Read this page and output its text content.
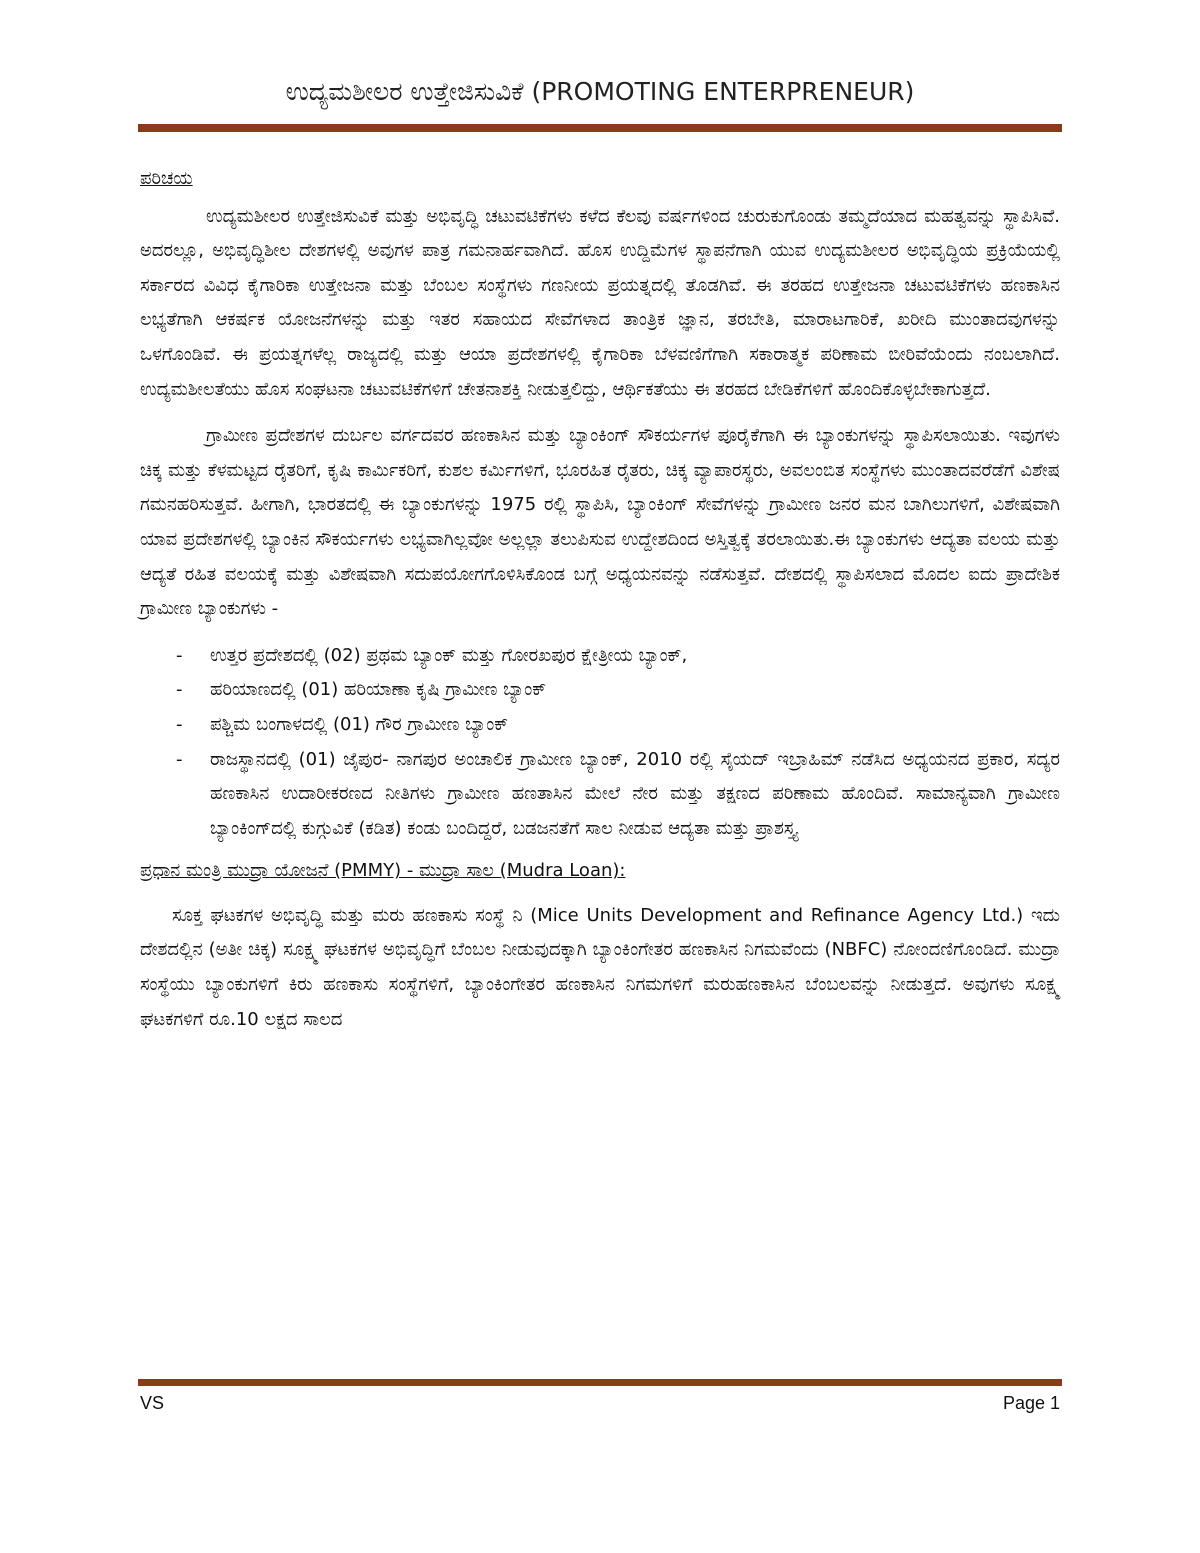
ಉದ್ಯಮಶೀಲರ ಉತ್ತೇಜಿಸುವಿಕೆ (PROMOTING ENTERPRENEUR)
ಪರಿಚಯ

ಉದ್ಯಮಶೀಲರ ಉತ್ತೇಜಿಸುವಿಕೆ ಮತ್ತು ಅಭಿವೃದ್ಧಿ ಚಟುವಟಿಕೆಗಳು ಕಳೆದ ಕೆಲವು ವರ್ಷಗಳಿಂದ ಚುರುಕುಗೊಂಡು ತಮ್ಮದೆಯಾದ ಮಹತ್ವವನ್ನು ಸ್ಥಾಪಿಸಿವೆ. ಅದರಲ್ಲೂ, ಅಭಿವೃದ್ಧಿಶೀಲ ದೇಶಗಳಲ್ಲಿ ಅವುಗಳ ಪಾತ್ರ ಗಮನಾರ್ಹವಾಗಿದೆ. ಹೊಸ ಉದ್ದಿಮೆಗಳ ಸ್ಥಾಪನೆಗಾಗಿ ಯುವ ಉದ್ಯಮಶೀಲರ ಅಭಿವೃದ್ಧಿಯ ಪ್ರಕ್ರಿಯೆಯಲ್ಲಿ ಸರ್ಕಾರದ ವಿವಿಧ ಕೈಗಾರಿಕಾ ಉತ್ತೇಜನಾ ಮತ್ತು ಬೆಂಬಲ ಸಂಸ್ಥೆಗಳು ಗಣನೀಯ ಪ್ರಯತ್ನದಲ್ಲಿ ತೊಡಗಿವೆ. ಈ ತರಹದ ಉತ್ತೇಜನಾ ಚಟುವಟಿಕೆಗಳು ಹಣಕಾಸಿನ ಲಭ್ಯತೆಗಾಗಿ ಆಕರ್ಷಕ ಯೋಜನೆಗಳನ್ನು ಮತ್ತು ಇತರ ಸಹಾಯದ ಸೇವೆಗಳಾದ ತಾಂತ್ರಿಕ ಜ್ಞಾನ, ತರಬೇತಿ, ಮಾರಾಟಗಾರಿಕೆ, ಖರೀದಿ ಮುಂತಾದವುಗಳನ್ನು ಒಳಗೊಂಡಿವೆ. ಈ ಪ್ರಯತ್ನಗಳೆಲ್ಲ ರಾಜ್ಯದಲ್ಲಿ ಮತ್ತು ಆಯಾ ಪ್ರದೇಶಗಳಲ್ಲಿ ಕೈಗಾರಿಕಾ ಬೆಳವಣಿಗೆಗಾಗಿ ಸಕಾರಾತ್ಮಕ ಪರಿಣಾಮ ಬೀರಿವೆಯೆಂದು ನಂಬಲಾಗಿದೆ. ಉದ್ಯಮಶೀಲತೆಯು ಹೊಸ ಸಂಘಟನಾ ಚಟುವಟಿಕೆಗಳಿಗೆ ಚೇತನಾಶಕ್ತಿ ನೀಡುತ್ತಲಿದ್ದು, ಆರ್ಥಿಕತೆಯು ಈ ತರಹದ ಬೇಡಿಕೆಗಳಿಗೆ ಹೊಂದಿಕೊಳ್ಳಬೇಕಾಗುತ್ತದೆ.

ಗ್ರಾಮೀಣ ಪ್ರದೇಶಗಳ ದುರ್ಬಲ ವರ್ಗದವರ ಹಣಕಾಸಿನ ಮತ್ತು ಬ್ಯಾಂಕಿಂಗ್ ಸೌಕರ್ಯಗಳ ಪೂರೈಕೆಗಾಗಿ ಈ ಬ್ಯಾಂಕುಗಳನ್ನು ಸ್ಥಾಪಿಸಲಾಯಿತು. ಇವುಗಳು ಚಿಕ್ಕ ಮತ್ತು ಕೆಳಮಟ್ಟದ ರೈತರಿಗೆ, ಕೃಷಿ ಕಾರ್ಮಿಕರಿಗೆ, ಕುಶಲ ಕರ್ಮಿಗಳಿಗೆ, ಭೂರಹಿತ ರೈತರು, ಚಿಕ್ಕ ವ್ಯಾಪಾರಸ್ಥರು, ಅವಲಂಬಿತ ಸಂಸ್ಥೆಗಳು ಮುಂತಾದವರೆಡೆಗೆ ವಿಶೇಷ ಗಮನಹರಿಸುತ್ತವೆ. ಹೀಗಾಗಿ, ಭಾರತದಲ್ಲಿ ಈ ಬ್ಯಾಂಕುಗಳನ್ನು 1975 ರಲ್ಲಿ ಸ್ಥಾಪಿಸಿ, ಬ್ಯಾಂಕಿಂಗ್ ಸೇವೆಗಳನ್ನು ಗ್ರಾಮೀಣ ಜನರ ಮನ ಬಾಗಿಲುಗಳಿಗೆ, ವಿಶೇಷವಾಗಿ ಯಾವ ಪ್ರದೇಶಗಳಲ್ಲಿ ಬ್ಯಾಂಕಿನ ಸೌಕರ್ಯಗಳು ಲಭ್ಯವಾಗಿಲ್ಲವೋ ಅಲ್ಲಲ್ಲಾ ತಲುಪಿಸುವ ಉದ್ದೇಶದಿಂದ ಅಸ್ತಿತ್ವಕ್ಕೆ ತರಲಾಯಿತು.ಈ ಬ್ಯಾಂಕುಗಳು ಆದ್ಯತಾ ವಲಯ ಮತ್ತು ಆದ್ಯತೆ ರಹಿತ ವಲಯಕ್ಕೆ ಮತ್ತು ವಿಶೇಷವಾಗಿ ಸದುಪಯೋಗಗೊಳಿಸಿಕೊಂಡ ಬಗ್ಗೆ ಅಧ್ಯಯನವನ್ನು ನಡೆಸುತ್ತವೆ. ದೇಶದಲ್ಲಿ ಸ್ಥಾಪಿಸಲಾದ ಮೊದಲ ಐದು ಪ್ರಾದೇಶಿಕ ಗ್ರಾಮೀಣ ಬ್ಯಾಂಕುಗಳು -

- ಉತ್ತರ ಪ್ರದೇಶದಲ್ಲಿ (02) ಪ್ರಥಮ ಬ್ಯಾಂಕ್ ಮತ್ತು ಗೋರಖಪುರ ಕ್ಷೇತ್ರೀಯ ಬ್ಯಾಂಕ್,
- ಹರಿಯಾಣದಲ್ಲಿ (01) ಹರಿಯಾಣಾ ಕೃಷಿ ಗ್ರಾಮೀಣ ಬ್ಯಾಂಕ್
- ಪಶ್ಚಿಮ ಬಂಗಾಳದಲ್ಲಿ (01) ಗೌರ ಗ್ರಾಮೀಣ ಬ್ಯಾಂಕ್
- ರಾಜಸ್ಥಾನದಲ್ಲಿ (01) ಜೈಪುರ- ನಾಗಪುರ ಅಂಚಾಲಿಕ ಗ್ರಾಮೀಣ ಬ್ಯಾಂಕ್, 2010 ರಲ್ಲಿ ಸೈಯದ್ ಇಬ್ರಾಹಿಮ್ ನಡೆಸಿದ ಅಧ್ಯಯನದ ಪ್ರಕಾರ, ಸದ್ಯರ ಹಣಕಾಸಿನ ಉದಾರೀಕರಣದ ನೀತಿಗಳು ಗ್ರಾಮೀಣ ಹಣತಾಸಿನ ಮೇಲೆ ನೇರ ಮತ್ತು ತಕ್ಷಣದ ಪರಿಣಾಮ ಹೊಂದಿವೆ. ಸಾಮಾನ್ಯವಾಗಿ ಗ್ರಾಮೀಣ ಬ್ಯಾಂಕಿಂಗ್‌ದಲ್ಲಿ ಕುಗ್ಗುವಿಕೆ (ಕಡಿತ) ಕಂಡು ಬಂದಿದ್ದರೆ, ಬಡಜನತೆಗೆ ಸಾಲ ನೀಡುವ ಆದ್ಯತಾ ಮತ್ತು ಪ್ರಾಶಸ್ತ್ಯ
ಪ್ರಧಾನ ಮಂತ್ರಿ ಮುದ್ರಾ ಯೋಜನೆ (PMMY) - ಮುದ್ರಾ ಸಾಲ (Mudra Loan):

ಸೂಕ್ತ ಘಟಕಗಳ ಅಭಿವೃದ್ಧಿ ಮತ್ತು ಮರು ಹಣಕಾಸು ಸಂಸ್ಥೆ ನಿ (Mice Units Development and Refinance Agency Ltd.) ಇದು ದೇಶದಲ್ಲಿನ (ಅತೀ ಚಿಕ್ಕ) ಸೂಕ್ಷ್ಮ ಘಟಕಗಳ ಅಭಿವೃದ್ಧಿಗೆ ಬೆಂಬಲ ನೀಡುವುದಕ್ಕಾಗಿ ಬ್ಯಾಂಕಿಂಗೇತರ ಹಣಕಾಸಿನ ನಿಗಮವೆಂದು (NBFC) ನೋಂದಣಿಗೊಂಡಿದೆ. ಮುದ್ರಾ ಸಂಸ್ಥೆಯು ಬ್ಯಾಂಕುಗಳಿಗೆ ಕಿರು ಹಣಕಾಸು ಸಂಸ್ಥೆಗಳಿಗೆ, ಬ್ಯಾಂಕಿಂಗೇತರ ಹಣಕಾಸಿನ ನಿಗಮಗಳಿಗೆ ಮರುಹಣಕಾಸಿನ ಬೆಂಬಲವನ್ನು ನೀಡುತ್ತದೆ. ಅವುಗಳು ಸೂಕ್ಷ್ಮ ಘಟಕಗಳಿಗೆ ರೂ.10 ಲಕ್ಷದ ಸಾಲದ

VS	Page 1
